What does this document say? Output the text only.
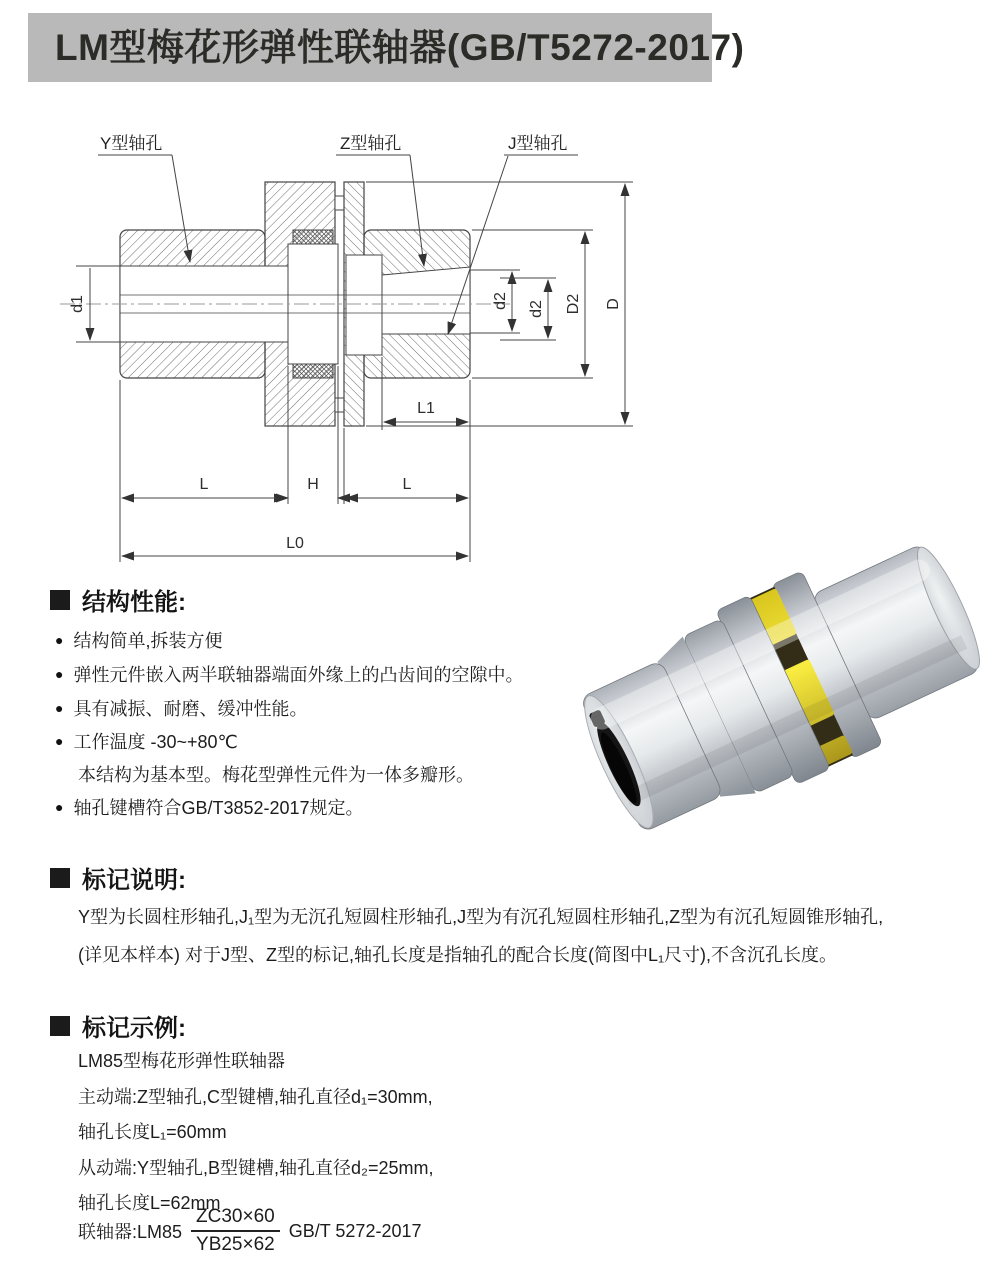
LM型梅花形弹性联轴器(GB/T5272-2017)
Y型轴孔	Z型轴孔	J型轴孔
d1	d2 d2 D2 D
L1
L	H	L
L0
结构性能:
● 结构简单,拆装方便
● 弹性元件嵌入两半联轴器端面外缘上的凸齿间的空隙中。
● 具有减振、耐磨、缓冲性能。
● 工作温度 -30~+80℃
本结构为基本型。梅花型弹性元件为一体多瓣形。
● 轴孔键槽符合GB/T3852-2017规定。
标记说明:
Y型为长圆柱形轴孔,J₁型为无沉孔短圆柱形轴孔,J型为有沉孔短圆柱形轴孔,Z型为有沉孔短圆锥形轴孔,
(详见本样本) 对于J型、Z型的标记,轴孔长度是指轴孔的配合长度(简图中L₁尺寸),不含沉孔长度。
标记示例:
LM85型梅花形弹性联轴器
主动端:Z型轴孔,C型键槽,轴孔直径d₁=30mm,
轴孔长度L₁=60mm
从动端:Y型轴孔,B型键槽,轴孔直径d₂=25mm,
轴孔长度L=62mm
联轴器:LM85 $\frac{ZC30\times 60}{YB25\times 62} GB/T$ 5272-2017
